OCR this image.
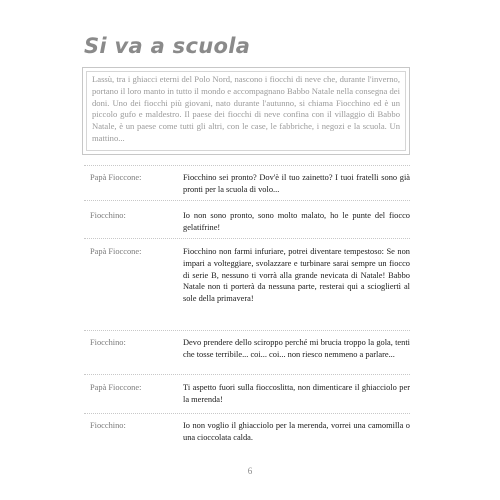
Si va a scuola
Lassù, tra i ghiacci eterni del Polo Nord, nascono i fiocchi di neve che, durante l'inverno, portano il loro manto in tutto il mondo e accompagnano Babbo Natale nella consegna dei doni. Uno dei fiocchi più giovani, nato durante l'autunno, si chiama Fiocchino ed è un piccolo gufo e maldestro. Il paese dei fiocchi di neve confina con il villaggio di Babbo Natale, è un paese come tutti gli altri, con le case, le fabbriche, i negozi e la scuola. Un mattino...
Papà Fioccone:	Fiocchino sei pronto? Dov'è il tuo zainetto? I tuoi fratelli sono già pronti per la scuola di volo...
Fiocchino:	Io non sono pronto, sono molto malato, ho le punte del fiocco gelatifrine!
Papà Fioccone:	Fiocchino non farmi infuriare, potrei diventare tempestoso: Se non impari a volteggiare, svolazzare e turbinare sarai sempre un fiocco di serie B, nessuno ti vorrà alla grande nevicata di Natale! Babbo Natale non ti porterà da nessuna parte, resterai qui a sciogliertì al sole della primavera!
Fiocchino:	Devo prendere dello sciroppo perché mi brucia troppo la gola, tenti che tosse terribile... coi... coi... non riesco nemmeno a parlare...
Papà Fioccone:	Ti aspetto fuori sulla fioccoslitta, non dimenticare il ghiacciolo per la merenda!
Fiocchino:	Io non voglio il ghiacciolo per la merenda, vorrei una camomilla o una cioccolata calda.
6
